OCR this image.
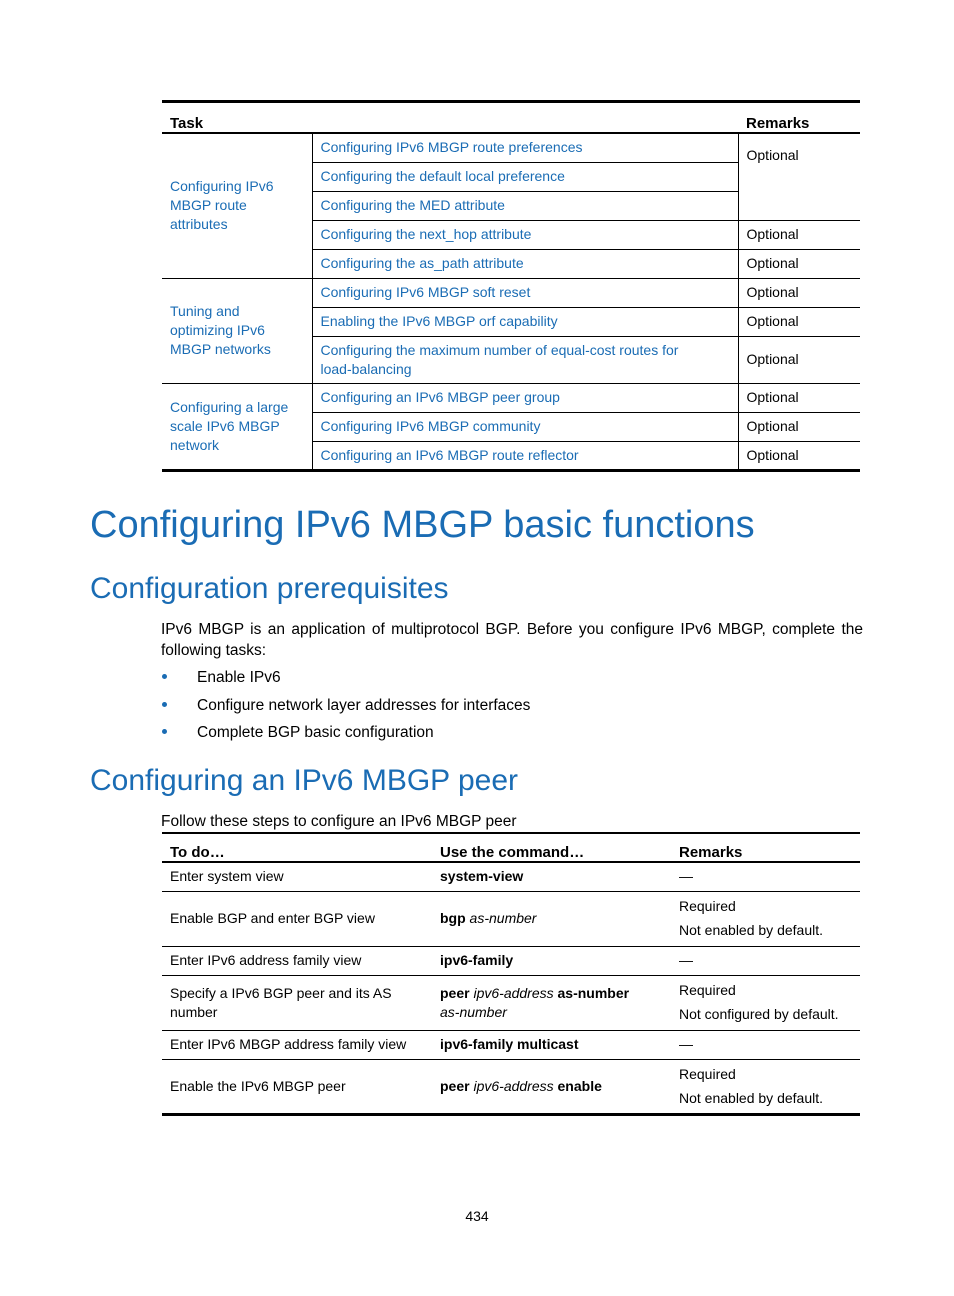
Task		Remarks
Configuring IPv6 MBGP route attributes	Configuring IPv6 MBGP route preferences	Optional
	Configuring the default local preference	
	Configuring the MED attribute	
	Configuring the next_hop attribute	Optional
	Configuring the as_path attribute	Optional
Tuning and optimizing IPv6 MBGP networks	Configuring IPv6 MBGP soft reset	Optional
	Enabling the IPv6 MBGP orf capability	Optional
	Configuring the maximum number of equal-cost routes for load-balancing	Optional
Configuring a large scale IPv6 MBGP network	Configuring an IPv6 MBGP peer group	Optional
	Configuring IPv6 MBGP community	Optional
	Configuring an IPv6 MBGP route reflector	Optional
Configuring IPv6 MBGP basic functions
Configuration prerequisites

IPv6 MBGP is an application of multiprotocol BGP. Before you configure IPv6 MBGP, complete the following tasks:

Enable IPv6
Configure network layer addresses for interfaces
Complete BGP basic configuration
Configuring an IPv6 MBGP peer

Follow these steps to configure an IPv6 MBGP peer

To do…	Use the command…	Remarks
Enter system view	system-view	—

Enable BGP and enter BGP view	bgp as-number	Required
Not enabled by default.

Enter IPv6 address family view	ipv6-family	—

Specify a IPv6 BGP peer and its AS number	peer ipv6-address as-number as-number	Required
Not configured by default.

Enter IPv6 MBGP address family view	ipv6-family multicast	—

Enable the IPv6 MBGP peer	peer ipv6-address enable	Required
Not enabled by default.
434
